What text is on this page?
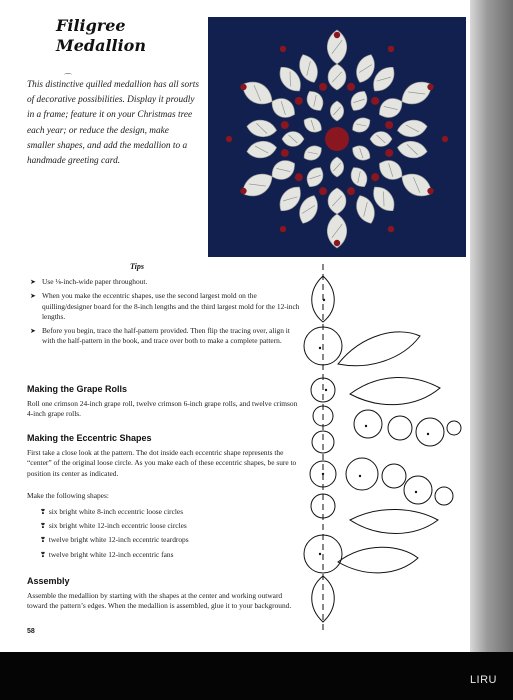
Filigree Medallion
⌒
This distinctive quilled medallion has all sorts of decorative possibilities. Display it proudly in a frame; feature it on your Christmas tree each year; or reduce the design, make smaller shapes, and add the medallion to a handmade greeting card.
Tips
➤ Use ⅛-inch-wide paper throughout.
➤ When you make the eccentric shapes, use the second largest mold on the quilling/designer board for the 8-inch lengths and the third largest mold for the 12-inch lengths.
➤ Before you begin, trace the half-pattern provided. Then flip the tracing over, align it with the half-pattern in the book, and trace over both to make a complete pattern.
Making the Grape Rolls
Roll one crimson 24-inch grape roll, twelve crimson 6-inch grape rolls, and twelve crimson 4-inch grape rolls.
Making the Eccentric Shapes
First take a close look at the pattern. The dot inside each eccentric shape represents the “center” of the original loose circle. As you make each of these eccentric shapes, be sure to position its center as indicated.
Make the following shapes:
❣ six bright white 8-inch eccentric loose circles
❣ six bright white 12-inch eccentric loose circles
❣ twelve bright white 12-inch eccentric teardrops
❣ twelve bright white 12-inch eccentric fans
Assembly
Assemble the medallion by starting with the shapes at the center and working outward toward the pattern’s edges. When the medallion is assembled, glue it to your background.
58
LIRU
